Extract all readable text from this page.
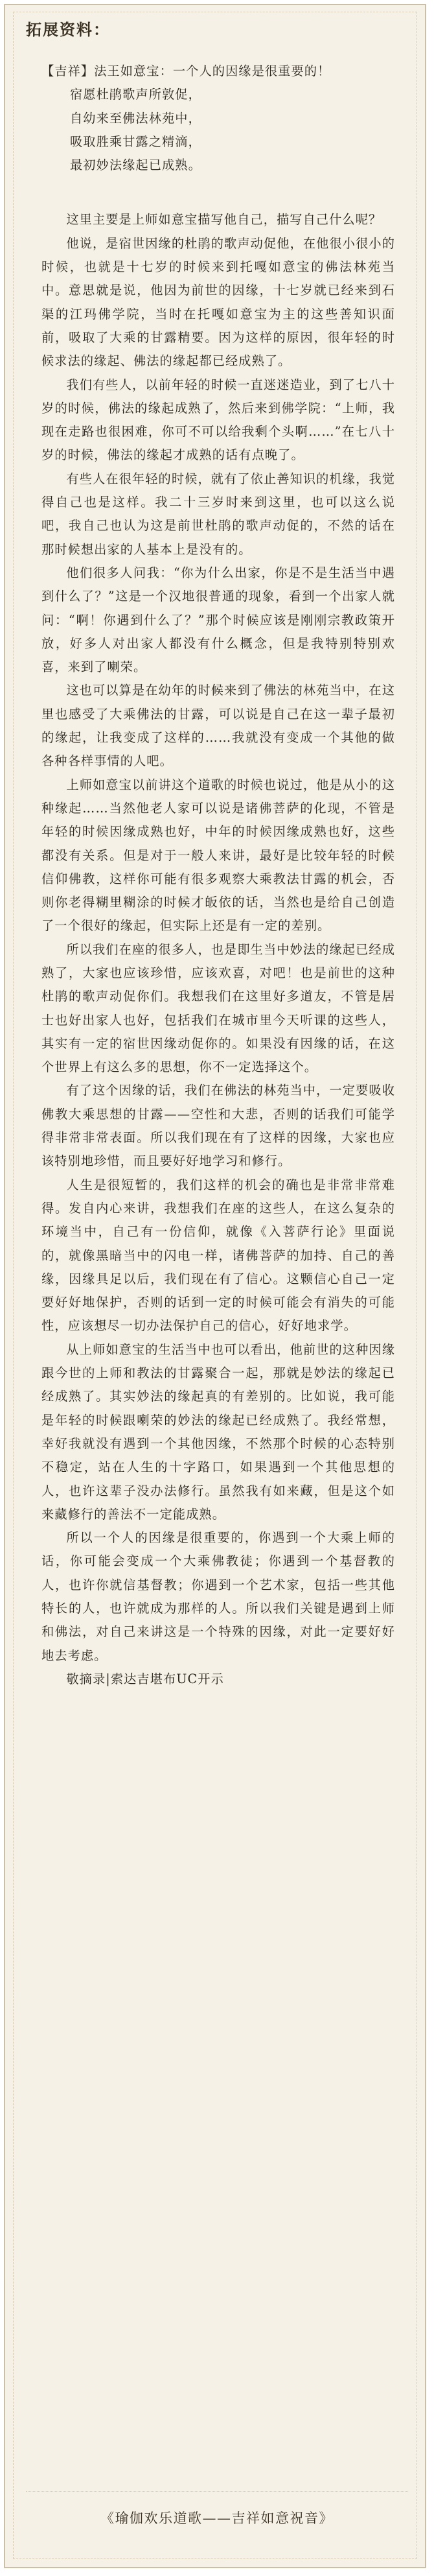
拓展资料：

【吉祥】法王如意宝：一个人的因缘是很重要的！

宿愿杜鹃歌声所敦促，
自幼来至佛法林苑中，
吸取胜乘甘露之精滴，
最初妙法缘起已成熟。

这里主要是上师如意宝描写他自己，描写自己什么呢？

他说，是宿世因缘的杜鹃的歌声动促他，在他很小很小的时候，也就是十七岁的时候来到托嘎如意宝的佛法林苑当中。意思就是说，他因为前世的因缘，十七岁就已经来到石渠的江玛佛学院，当时在托嘎如意宝为主的这些善知识面前，吸取了大乘的甘露精要。因为这样的原因，很年轻的时候求法的缘起、佛法的缘起都已经成熟了。

我们有些人，以前年轻的时候一直迷迷造业，到了七八十岁的时候，佛法的缘起成熟了，然后来到佛学院：“上师，我现在走路也很困难，你可不可以给我剩个头啊……”在七八十岁的时候，佛法的缘起才成熟的话有点晚了。

有些人在很年轻的时候，就有了依止善知识的机缘，我觉得自己也是这样。我二十三岁时来到这里，也可以这么说吧，我自己也认为这是前世杜鹃的歌声动促的，不然的话在那时候想出家的人基本上是没有的。

他们很多人问我：“你为什么出家，你是不是生活当中遇到什么了？”这是一个汉地很普通的现象，看到一个出家人就问：“啊！你遇到什么了？”那个时候应该是刚刚宗教政策开放，好多人对出家人都没有什么概念，但是我特别特别欢喜，来到了喇荣。

这也可以算是在幼年的时候来到了佛法的林苑当中，在这里也感受了大乘佛法的甘露，可以说是自己在这一辈子最初的缘起，让我变成了这样的……我就没有变成一个其他的做各种各样事情的人吧。

上师如意宝以前讲这个道歌的时候也说过，他是从小的这种缘起……当然他老人家可以说是诸佛菩萨的化现，不管是年轻的时候因缘成熟也好，中年的时候因缘成熟也好，这些都没有关系。但是对于一般人来讲，最好是比较年轻的时候信仰佛教，这样你可能有很多观察大乘教法甘露的机会，否则你老得糊里糊涂的时候才皈依的话，当然也是给自己创造了一个很好的缘起，但实际上还是有一定的差别。

所以我们在座的很多人，也是即生当中妙法的缘起已经成熟了，大家也应该珍惜，应该欢喜，对吧！也是前世的这种杜鹃的歌声动促你们。我想我们在这里好多道友，不管是居士也好出家人也好，包括我们在城市里今天听课的这些人，其实有一定的宿世因缘动促你的。如果没有因缘的话，在这个世界上有这么多的思想，你不一定选择这个。

有了这个因缘的话，我们在佛法的林苑当中，一定要吸收佛教大乘思想的甘露——空性和大悲，否则的话我们可能学得非常非常表面。所以我们现在有了这样的因缘，大家也应该特别地珍惜，而且要好好地学习和修行。

人生是很短暂的，我们这样的机会的确也是非常非常难得。发自内心来讲，我想我们在座的这些人，在这么复杂的环境当中，自己有一份信仰，就像《入菩萨行论》里面说的，就像黑暗当中的闪电一样，诸佛菩萨的加持、自己的善缘，因缘具足以后，我们现在有了信心。这颗信心自己一定要好好地保护，否则的话到一定的时候可能会有消失的可能性，应该想尽一切办法保护自己的信心，好好地求学。

从上师如意宝的生活当中也可以看出，他前世的这种因缘跟今世的上师和教法的甘露聚合一起，那就是妙法的缘起已经成熟了。其实妙法的缘起真的有差别的。比如说，我可能是年轻的时候跟喇荣的妙法的缘起已经成熟了。我经常想，幸好我就没有遇到一个其他因缘，不然那个时候的心态特别不稳定，站在人生的十字路口，如果遇到一个其他思想的人，也许这辈子没办法修行。虽然我有如来藏，但是这个如来藏修行的善法不一定能成熟。

所以一个人的因缘是很重要的，你遇到一个大乘上师的话，你可能会变成一个大乘佛教徒；你遇到一个基督教的人，也许你就信基督教；你遇到一个艺术家，包括一些其他特长的人，也许就成为那样的人。所以我们关键是遇到上师和佛法，对自己来讲这是一个特殊的因缘，对此一定要好好地去考虑。

敬摘录|索达吉堪布UC开示

《瑜伽欢乐道歌——吉祥如意祝音》
